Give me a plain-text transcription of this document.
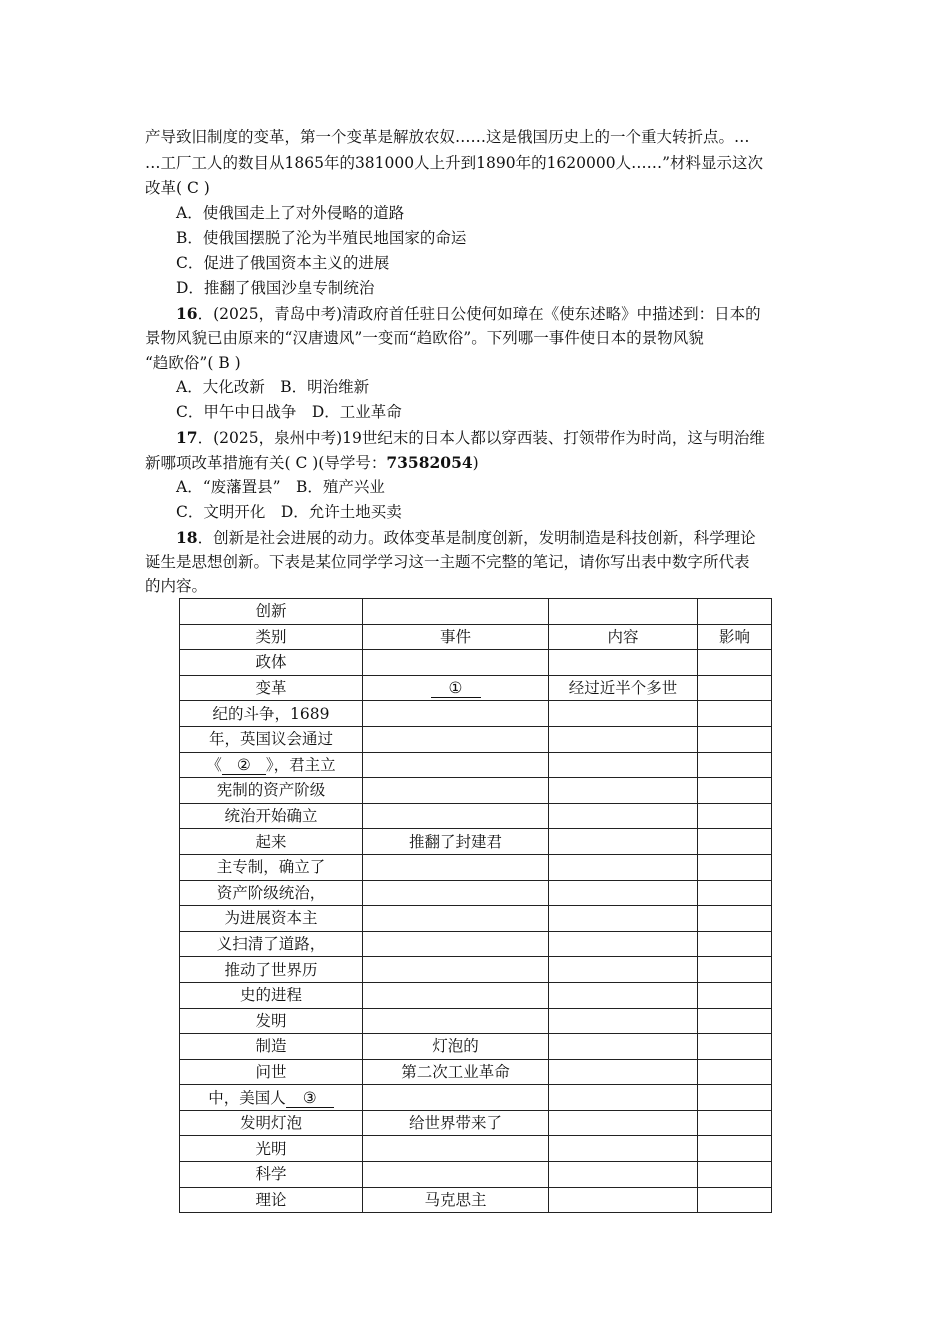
产导致旧制度的变革，第一个变革是解放农奴……这是俄国历史上的一个重大转折点。…
…工厂工人的数目从1865年的381000人上升到1890年的1620000人……”材料显示这次
改革( C )
A．使俄国走上了对外侵略的道路
B．使俄国摆脱了沦为半殖民地国家的命运
C．促进了俄国资本主义的进展
D．推翻了俄国沙皇专制统治
16．(2025，青岛中考)清政府首任驻日公使何如璋在《使东述略》中描述到：日本的
景物风貌已由原来的“汉唐遗风”一变而“趋欧俗”。下列哪一事件使日本的景物风貌
“趋欧俗”( B )
A．大化改新　B．明治维新
C．甲午中日战争　D．工业革命
17．(2025，泉州中考)19世纪末的日本人都以穿西装、打领带作为时尚，这与明治维
新哪项改革措施有关( C )(导学号：73582054)
A．“废藩置县”　B．殖产兴业
C．文明开化　D．允许土地买卖
18．创新是社会进展的动力。政体变革是制度创新，发明制造是科技创新，科学理论
诞生是思想创新。下表是某位同学学习这一主题不完整的笔记，请你写出表中数字所代表
的内容。
创新			
类别	事件	内容	影响
政体			
变革	①	经过近半个多世	
纪的斗争，1689			
年，英国议会通过			
《 ② 》，君主立			
宪制的资产阶级			
统治开始确立			
起来	推翻了封建君		
主专制，确立了			
资产阶级统治，			
为进展资本主			
义扫清了道路，			
推动了世界历			
史的进程			
发明			
制造	灯泡的		
问世	第二次工业革命		
中，美国人 ③			
发明灯泡	给世界带来了		
光明			
科学			
理论	马克思主		
